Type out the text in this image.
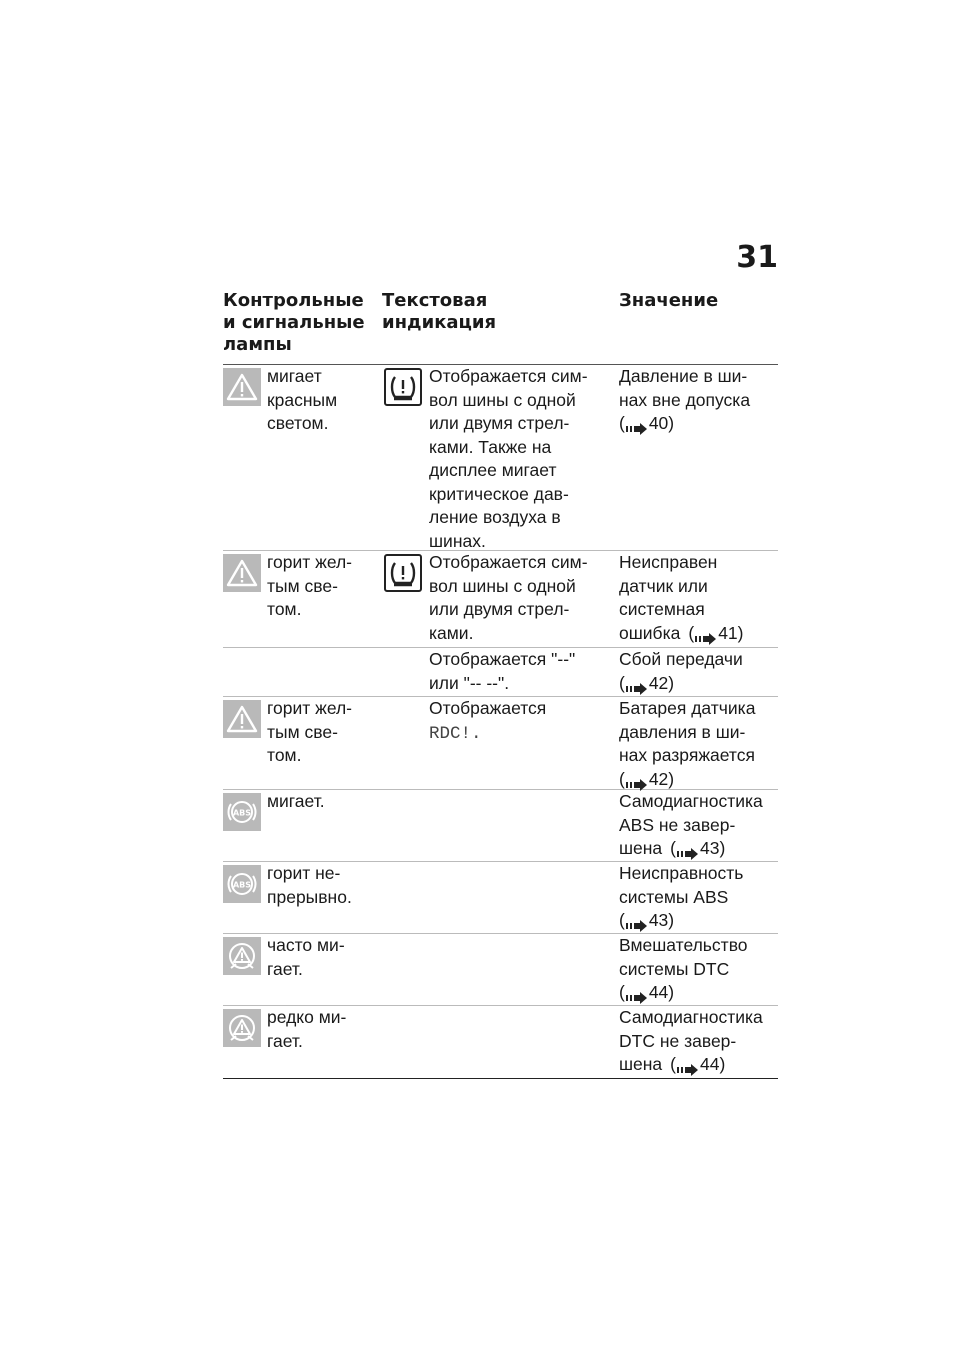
31
Контрольные
и сигнальные
лампы
Текстовая индикация
Значение
мигает
красным
светом.
Отображается сим-
вол шины с одной
или двумя стрел-
ками. Также на
дисплее мигает
критическое дав-
ление воздуха в
шинах.
Давление в ши-
нах вне допуска
( 40)
горит жел-
тым све-
том.
Отображается сим-
вол шины с одной
или двумя стрел-
ками.
Неисправен
датчик или
системная
ошибка ( 41)
Отображается "--"
или "-- --".
Сбой передачи
( 42)
горит жел-
тым све-
том.
Отображается
RDC!.
Батарея датчика
давления в ши-
нах разряжается
( 42)
ABS
мигает.	Самодиагностика
ABS не завер-
шена ( 43)
ABS
горит не-
прерывно.
Неисправность
системы ABS
( 43)
часто ми-
гает.
Вмешательство
системы DTC
( 44)
редко ми-
гает.
Самодиагностика
DTC не завер-
шена ( 44)
